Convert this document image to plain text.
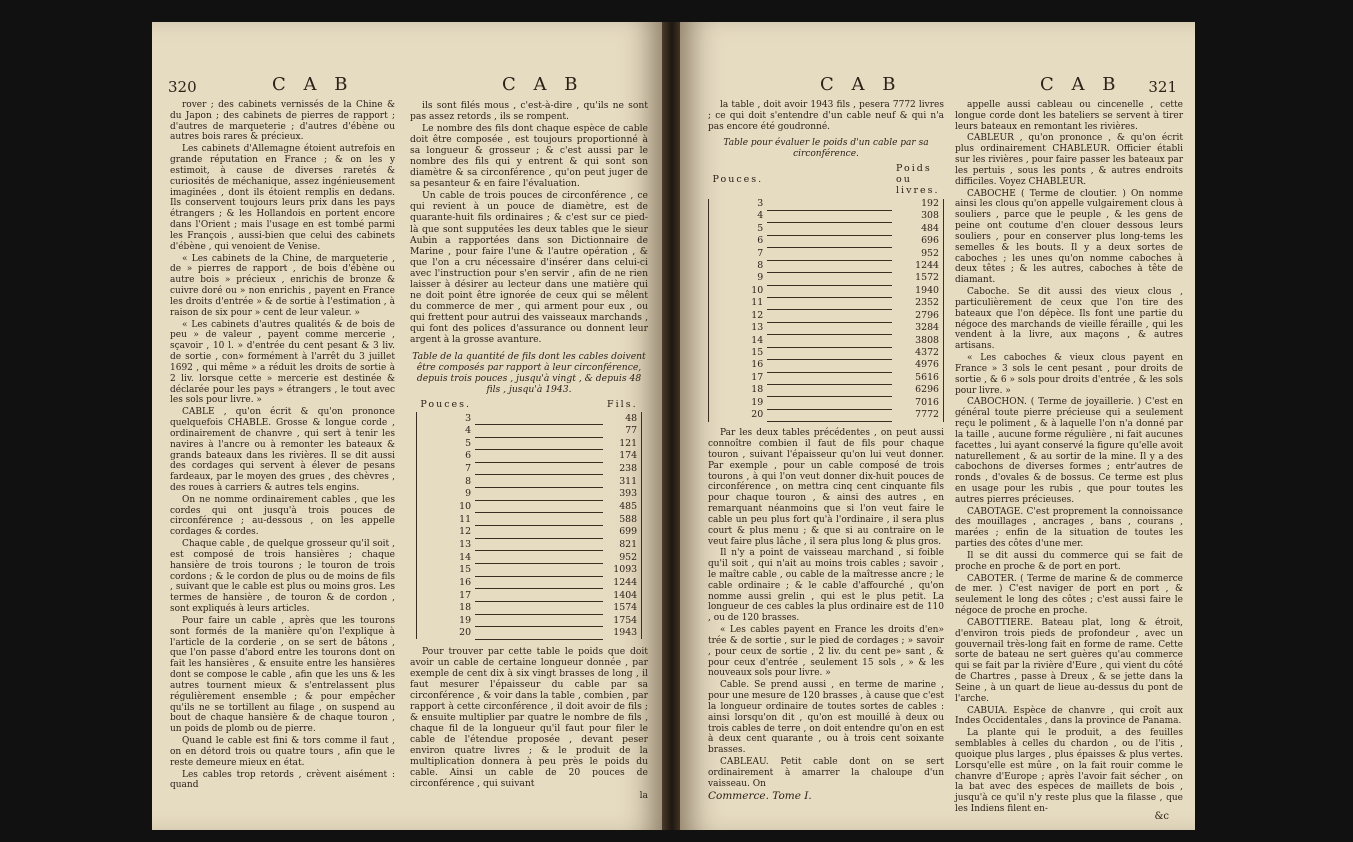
320	C A B	C A B

rover ; des cabinets vernissés de la Chine & du Japon ; des cabinets de pierres de rapport ; d'autres de marqueterie ; d'autres d'ébène ou autres bois rares & précieux.

Les cabinets d'Allemagne étoient autrefois en grande réputation en France ; & on les y estimoit, à cause de diverses raretés & curiosités de méchanique, assez ingénieusement imaginées , dont ils étoient remplis en dedans. Ils conservent toujours leurs prix dans les pays étrangers ; & les Hollandois en portent encore dans l'Orient ; mais l'usage en est tombé parmi les François , aussi-bien que celui des cabinets d'ébène , qui venoient de Venise.

« Les cabinets de la Chine, de marqueterie , de » pierres de rapport , de bois d'ébène ou autre bois » précieux , enrichis de bronze & cuivre doré ou » non enrichis , payent en France les droits d'entrée » & de sortie à l'estimation , à raison de six pour » cent de leur valeur. »

« Les cabinets d'autres qualités & de bois de peu » de valeur , payent comme mercerie , sçavoir , 10 l. » d'entrée du cent pesant & 3 liv. de sortie , con» formément à l'arrêt du 3 juillet 1692 , qui même » a réduit les droits de sortie à 2 liv. lorsque cette » mercerie est destinée & déclarée pour les pays » étrangers , le tout avec les sols pour livre. »

CABLE , qu'on écrit & qu'on prononce quelquefois CHABLE. Grosse & longue corde , ordinairement de chanvre , qui sert à tenir les navires à l'ancre ou à remonter les bateaux & grands bateaux dans les rivières. Il se dit aussi des cordages qui servent à élever de pesans fardeaux, par le moyen des grues , des chèvres , des roues à carriers & autres tels engins.

On ne nomme ordinairement cables , que les cordes qui ont jusqu'à trois pouces de circonférence ; au-dessous , on les appelle cordages & cordes.

Chaque cable , de quelque grosseur qu'il soit , est composé de trois hansières ; chaque hansière de trois tourons ; le touron de trois cordons ; & le cordon de plus ou de moins de fils , suivant que le cable est plus ou moins gros. Les termes de hansière , de touron & de cordon , sont expliqués à leurs articles.

Pour faire un cable , après que les tourons sont formés de la manière qu'on l'explique à l'article de la corderie , on se sert de bâtons , que l'on passe d'abord entre les tourons dont on fait les hansières , & ensuite entre les hansières dont se compose le cable , afin que les uns & les autres tournent mieux & s'entrelassent plus régulièrement ensemble ; & pour empêcher qu'ils ne se tortillent au filage , on suspend au bout de chaque hansière & de chaque touron , un poids de plomb ou de pierre.

Quand le cable est fini & tors comme il faut , on en détord trois ou quatre tours , afin que le reste demeure mieux en état.

Les cables trop retords , crèvent aisément : quand

ils sont filés mous , c'est-à-dire , qu'ils ne sont pas assez retords , ils se rompent.

Le nombre des fils dont chaque espèce de cable doit être composée , est toujours proportionné à sa longueur & grosseur ; & c'est aussi par le nombre des fils qui y entrent & qui sont son diamètre & sa circonférence , qu'on peut juger de sa pesanteur & en faire l'évaluation.

Un cable de trois pouces de circonférence , ce qui revient à un pouce de diamètre, est de quarante-huit fils ordinaires ; & c'est sur ce pied-là que sont supputées les deux tables que le sieur Aubin a rapportées dans son Dictionnaire de Marine , pour faire l'une & l'autre opération , & que l'on a cru nécessaire d'insérer dans celui-ci avec l'instruction pour s'en servir , afin de ne rien laisser à désirer au lecteur dans une matière qui ne doit point être ignorée de ceux qui se mêlent du commerce de mer , qui arment pour eux , ou qui frettent pour autrui des vaisseaux marchands , qui font des polices d'assurance ou donnent leur argent à la grosse avanture.

Table de la quantité de fils dont les cables doivent être composés par rapport à leur circonférence, depuis trois pouces , jusqu'à vingt , & depuis 48 fils , jusqu'à 1943.

Pouces.		Fils.
3		48
4		77
5		121
6		174
7		238
8		311
9		393
10		485
11		588
12		699
13		821
14		952
15		1093
16		1244
17		1404
18		1574
19		1754
20		1943

Pour trouver par cette table le poids que doit avoir un cable de certaine longueur donnée , par exemple de cent dix à six vingt brasses de long , il faut mesurer l'épaisseur du cable par sa circonférence , & voir dans la table , combien , par rapport à cette circonférence , il doit avoir de fils ; & ensuite multiplier par quatre le nombre de fils , chaque fil de la longueur qu'il faut pour filer le cable de l'étendue proposée , devant peser environ quatre livres ; & le produit de la multiplication donnera à peu près le poids du cable. Ainsi un cable de 20 pouces de circonférence , qui suivant

la
C A B	C A B 321

la table , doit avoir 1943 fils , pesera 7772 livres ; ce qui doit s'entendre d'un cable neuf & qui n'a pas encore été goudronné.

Table pour évaluer le poids d'un cable par sa circonférence.

Pouces.		Poids ou livres.
3		192
4		308
5		484
6		696
7		952
8		1244
9		1572
10		1940
11		2352
12		2796
13		3284
14		3808
15		4372
16		4976
17		5616
18		6296
19		7016
20		7772

Par les deux tables précédentes , on peut aussi connoître combien il faut de fils pour chaque touron , suivant l'épaisseur qu'on lui veut donner. Par exemple , pour un cable composé de trois tourons , à qui l'on veut donner dix-huit pouces de circonférence , on mettra cinq cent cinquante fils pour chaque touron , & ainsi des autres , en remarquant néanmoins que si l'on veut faire le cable un peu plus fort qu'à l'ordinaire , il sera plus court & plus menu ; & que si au contraire on le veut faire plus lâche , il sera plus long & plus gros.

Il n'y a point de vaisseau marchand , si foible qu'il soit , qui n'ait au moins trois cables ; savoir , le maître cable , ou cable de la maîtresse ancre ; le cable ordinaire ; & le cable d'affourché , qu'on nomme aussi grelin , qui est le plus petit. La longueur de ces cables la plus ordinaire est de 110 , ou de 120 brasses.

« Les cables payent en France les droits d'en» trée & de sortie , sur le pied de cordages ; » savoir , pour ceux de sortie , 2 liv. du cent pe» sant , & pour ceux d'entrée , seulement 15 sols , » & les nouveaux sols pour livre. »

Cable. Se prend aussi , en terme de marine , pour une mesure de 120 brasses , à cause que c'est la longueur ordinaire de toutes sortes de cables : ainsi lorsqu'on dit , qu'on est mouillé à deux ou trois cables de terre , on doit entendre qu'on en est à deux cent quarante , ou à trois cent soixante brasses.

CABLEAU. Petit cable dont on se sert ordinairement à amarrer la chaloupe d'un vaisseau. On

Commerce. Tome I.

appelle aussi cableau ou cincenelle , cette longue corde dont les bateliers se servent à tirer leurs bateaux en remontant les rivières.

CABLEUR , qu'on prononce , & qu'on écrit plus ordinairement CHABLEUR. Officier établi sur les rivières , pour faire passer les bateaux par les pertuis , sous les ponts , & autres endroits difficiles. Voyez CHABLEUR.

CABOCHE ( Terme de cloutier. ) On nomme ainsi les clous qu'on appelle vulgairement clous à souliers , parce que le peuple , & les gens de peine ont coutume d'en clouer dessous leurs souliers , pour en conserver plus long-tems les semelles & les bouts. Il y a deux sortes de caboches ; les unes qu'on nomme caboches à deux têtes ; & les autres, caboches à tête de diamant.

Caboche. Se dit aussi des vieux clous , particulièrement de ceux que l'on tire des bateaux que l'on dépèce. Ils font une partie du négoce des marchands de vieille féraille , qui les vendent à la livre, aux maçons , & autres artisans.

« Les caboches & vieux clous payent en France » 3 sols le cent pesant , pour droits de sortie , & 6 » sols pour droits d'entrée , & les sols pour livre. »

CABOCHON. ( Terme de joyaillerie. ) C'est en général toute pierre précieuse qui a seulement reçu le poliment , & à laquelle l'on n'a donné par la taille , aucune forme régulière , ni fait aucunes facettes , lui ayant conservé la figure qu'elle avoit naturellement , & au sortir de la mine. Il y a des cabochons de diverses formes ; entr'autres de ronds , d'ovales & de bossus. Ce terme est plus en usage pour les rubis , que pour toutes les autres pierres précieuses.

CABOTAGE. C'est proprement la connoissance des mouillages , ancrages , bans , courans , marées ; enfin de la situation de toutes les parties des côtes d'une mer.

Il se dit aussi du commerce qui se fait de proche en proche & de port en port.

CABOTER. ( Terme de marine & de commerce de mer. ) C'est naviger de port en port , & seulement le long des côtes ; c'est aussi faire le négoce de proche en proche.

CABOTTIERE. Bateau plat, long & étroit, d'environ trois pieds de profondeur , avec un gouvernail très-long fait en forme de rame. Cette sorte de bateau ne sert guères qu'au commerce qui se fait par la rivière d'Eure , qui vient du côté de Chartres , passe à Dreux , & se jette dans la Seine , à un quart de lieue au-dessus du pont de l'arche.

CABUIA. Espèce de chanvre , qui croît aux Indes Occidentales , dans la province de Panama.

La plante qui le produit, a des feuilles semblables à celles du chardon , ou de l'itis , quoique plus larges , plus épaisses & plus vertes. Lorsqu'elle est mûre , on la fait rouir comme le chanvre d'Europe ; après l'avoir fait sécher , on la bat avec des espèces de maillets de bois , jusqu'à ce qu'il n'y reste plus que la filasse , que les Indiens filent en-

&c
